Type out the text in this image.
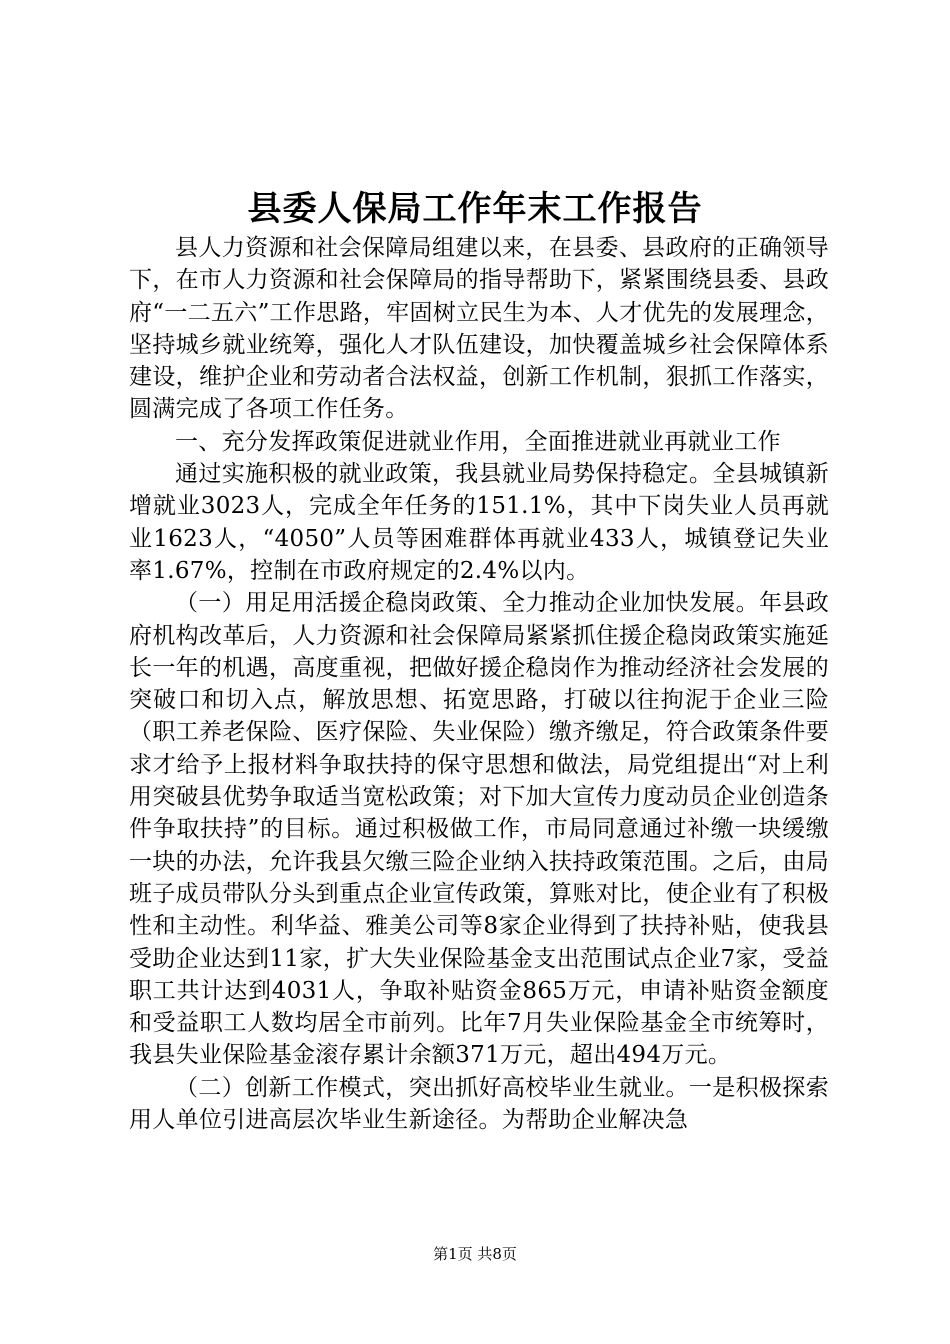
县委人保局工作年末工作报告

县人力资源和社会保障局组建以来，在县委、县政府的正确领导下，在市人力资源和社会保障局的指导帮助下，紧紧围绕县委、县政府“一二五六”工作思路，牢固树立民生为本、人才优先的发展理念，坚持城乡就业统筹，强化人才队伍建设，加快覆盖城乡社会保障体系建设，维护企业和劳动者合法权益，创新工作机制，狠抓工作落实，圆满完成了各项工作任务。

一、充分发挥政策促进就业作用，全面推进就业再就业工作

通过实施积极的就业政策，我县就业局势保持稳定。全县城镇新增就业3023人，完成全年任务的151.1%，其中下岗失业人员再就业1623人，“4050”人员等困难群体再就业433人，城镇登记失业率1.67%，控制在市政府规定的2.4%以内。

（一）用足用活援企稳岗政策、全力推动企业加快发展。年县政府机构改革后，人力资源和社会保障局紧紧抓住援企稳岗政策实施延长一年的机遇，高度重视，把做好援企稳岗作为推动经济社会发展的突破口和切入点，解放思想、拓宽思路，打破以往拘泥于企业三险（职工养老保险、医疗保险、失业保险）缴齐缴足，符合政策条件要求才给予上报材料争取扶持的保守思想和做法，局党组提出“对上利用突破县优势争取适当宽松政策；对下加大宣传力度动员企业创造条件争取扶持”的目标。通过积极做工作，市局同意通过补缴一块缓缴一块的办法，允许我县欠缴三险企业纳入扶持政策范围。之后，由局班子成员带队分头到重点企业宣传政策，算账对比，使企业有了积极性和主动性。利华益、雅美公司等8家企业得到了扶持补贴，使我县受助企业达到11家，扩大失业保险基金支出范围试点企业7家，受益职工共计达到4031人，争取补贴资金865万元，申请补贴资金额度和受益职工人数均居全市前列。比年7月失业保险基金全市统筹时，我县失业保险基金滚存累计余额371万元，超出494万元。

（二）创新工作模式，突出抓好高校毕业生就业。一是积极探索用人单位引进高层次毕业生新途径。为帮助企业解决急

第1页 共8页
